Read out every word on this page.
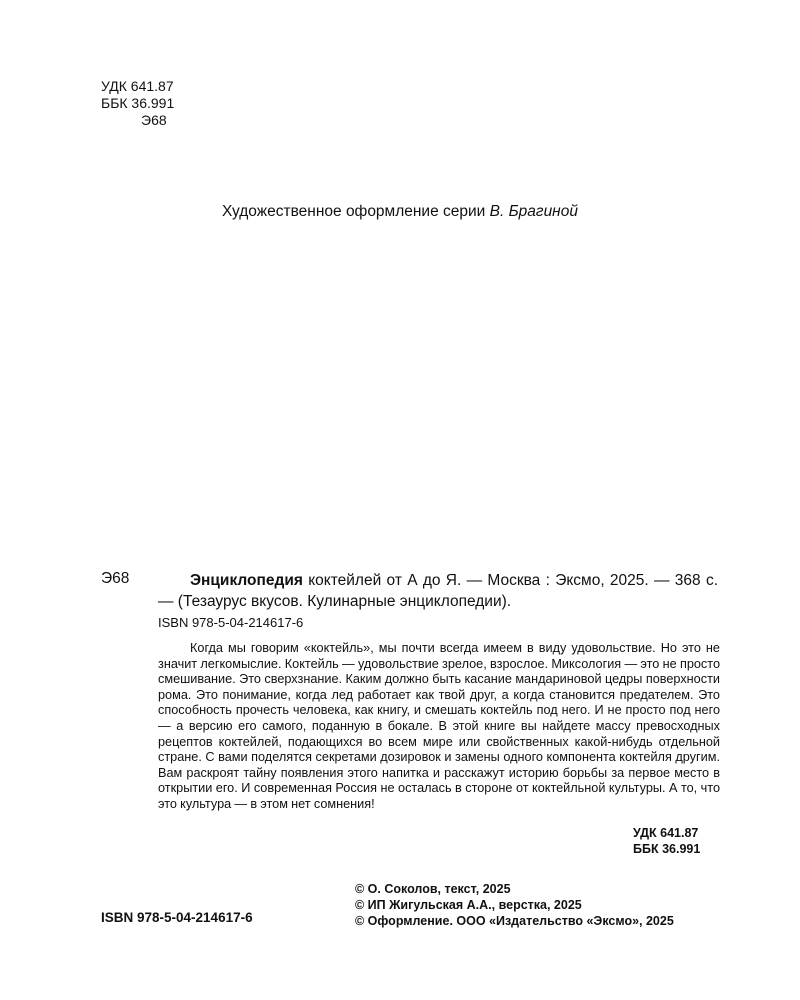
УДК 641.87
ББК 36.991
Э68
Художественное оформление серии В. Брагиной
Э68	Энциклопедия коктейлей от А до Я. — Москва : Эксмо, 2025. — 368 с. — (Тезаурус вкусов. Кулинарные энциклопедии).
ISBN 978-5-04-214617-6
Когда мы говорим «коктейль», мы почти всегда имеем в виду удовольствие. Но это не значит легкомыслие. Коктейль — удовольствие зрелое, взрослое. Миксология — это не просто смешивание. Это сверхзнание. Каким должно быть касание мандариновой цедры поверхности рома. Это понимание, когда лед работает как твой друг, а когда становится предателем. Это способность прочесть человека, как книгу, и смешать коктейль под него. И не просто под него — а версию его самого, поданную в бокале. В этой книге вы найдете массу превосходных рецептов коктейлей, подающихся во всем мире или свойственных какой-нибудь отдельной стране. С вами поделятся секретами дозировок и замены одного компонента коктейля другим. Вам раскроят тайну появления этого напитка и расскажут историю борьбы за первое место в открытии его. И современная Россия не осталась в стороне от коктейльной культуры. А то, что это культура — в этом нет сомнения!
УДК 641.87
ББК 36.991
© О. Соколов, текст, 2025
© ИП Жигульская А.А., верстка, 2025
© Оформление. ООО «Издательство «Эксмо», 2025
ISBN 978-5-04-214617-6
